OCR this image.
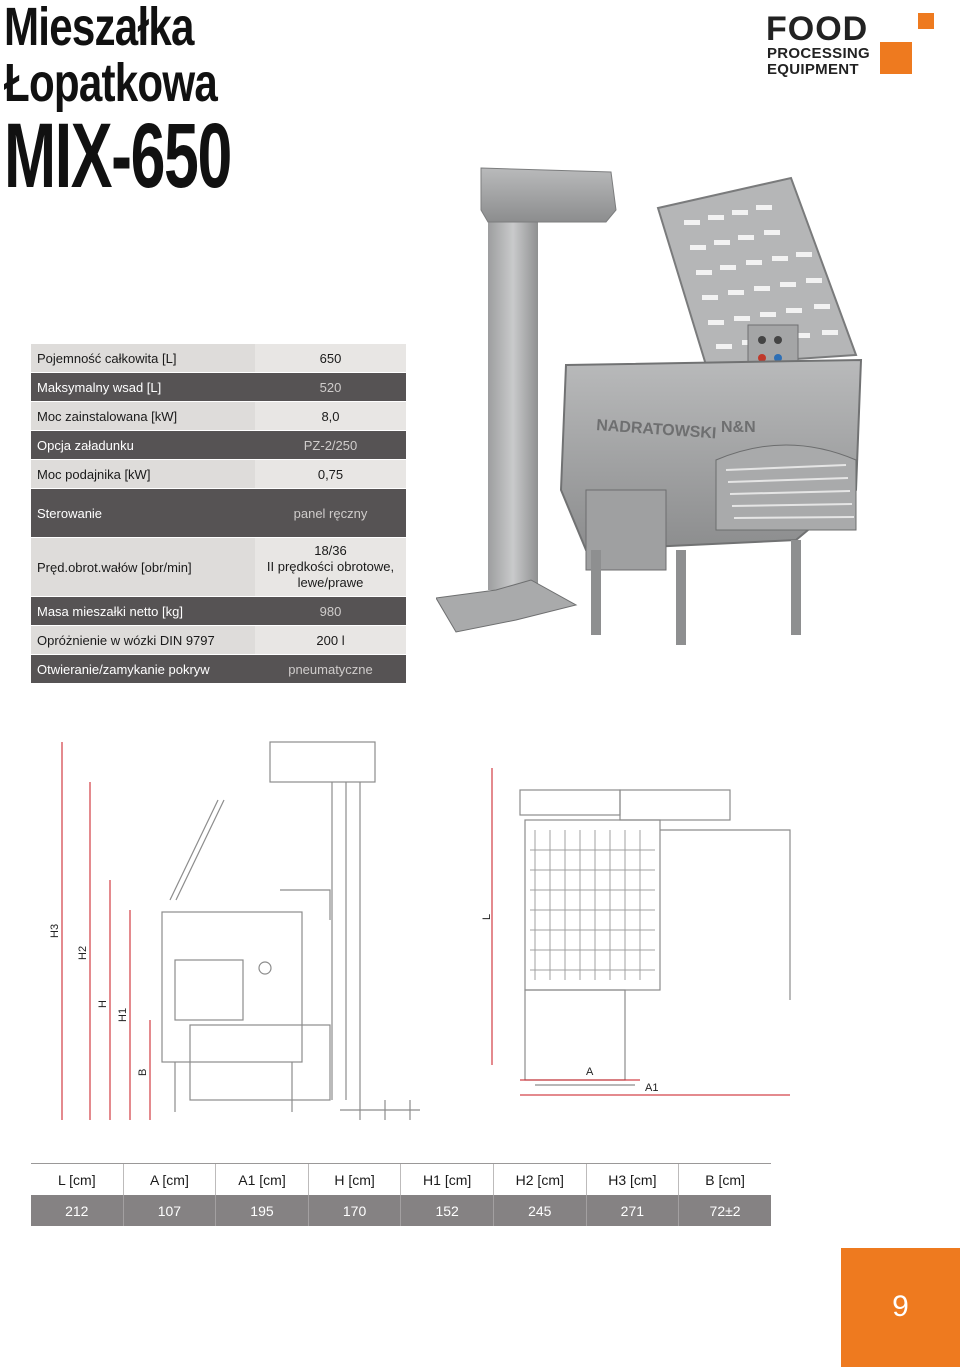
Mieszałka
Łopatkowa
MIX-650
FOOD
PROCESSING
EQUIPMENT
Pojemność całkowita [L]	650
Maksymalny wsad [L]	520
Moc zainstalowana [kW]	8,0
Opcja załadunku	PZ-2/250
Moc podajnika [kW]	0,75
Sterowanie	panel ręczny
Pręd.obrot.wałów [obr/min]	18/36
II prędkości obrotowe,
lewe/prawe

Masa mieszałki netto [kg]	980
Opróżnienie w wózki DIN 9797	200 l
Otwieranie/zamykanie pokryw	pneumatyczne
NADRATOWSKI N&N
H3
H2
H
H1
B
L
A
A1
L [cm]	A [cm]	A1 [cm]	H [cm]	H1 [cm]	H2 [cm]	H3 [cm]	B [cm]
212	107	195	170	152	245	271	72±2
9
